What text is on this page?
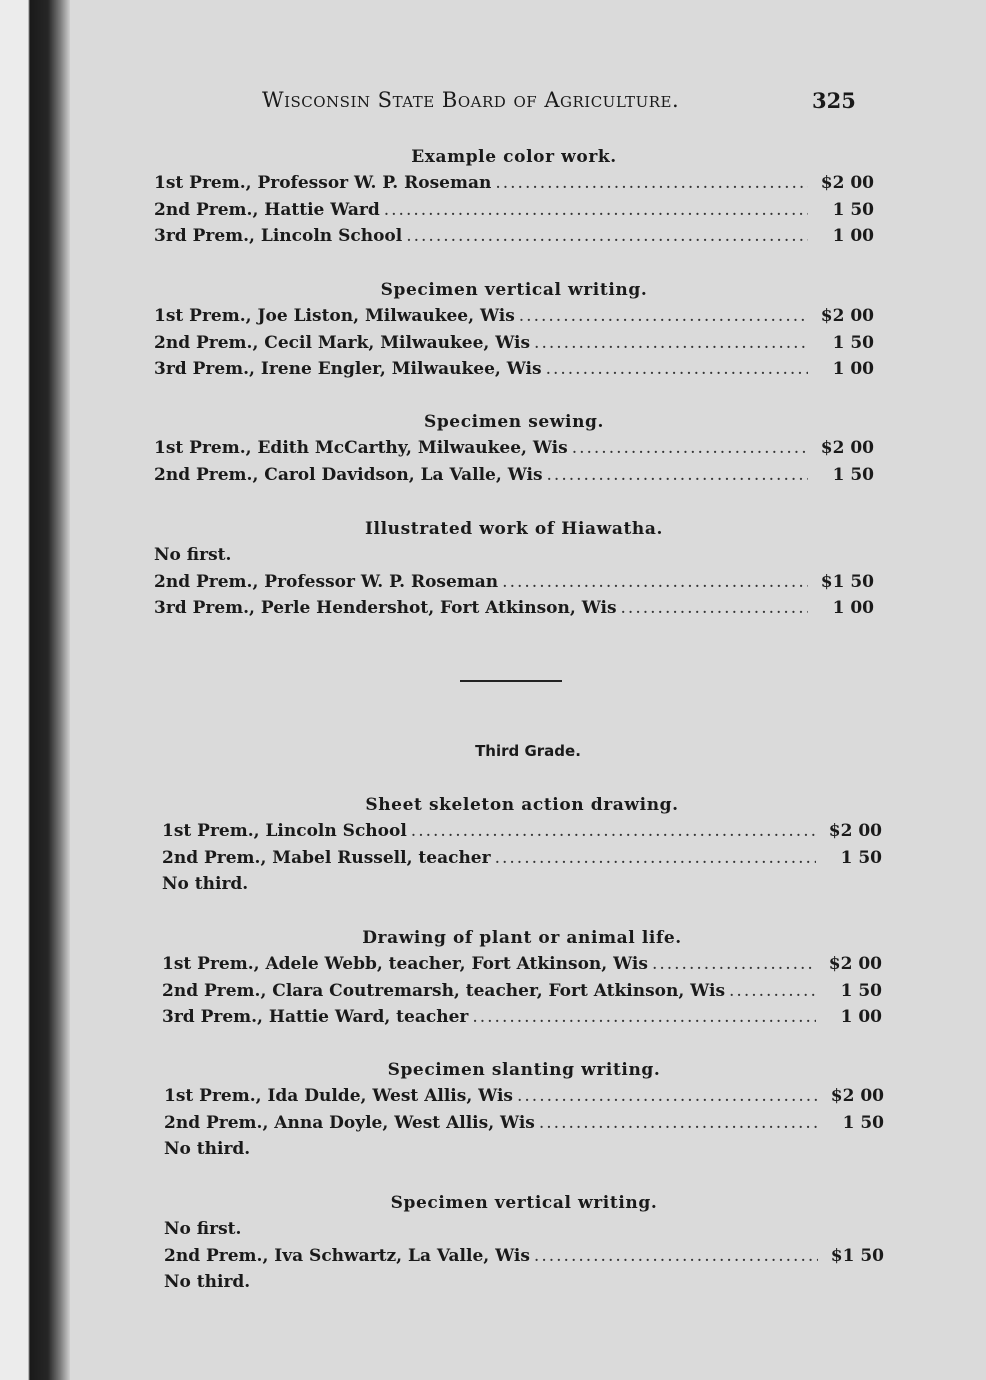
Wisconsin State Board of Agriculture.	325
Example color work.
1st Prem., Professor W. P. Roseman .....	$2 00
2nd Prem., Hattie Ward .....	1 50
3rd Prem., Lincoln School .....	1 00
Specimen vertical writing.
1st Prem., Joe Liston, Milwaukee, Wis .....	$2 00
2nd Prem., Cecil Mark, Milwaukee, Wis .....	1 50
3rd Prem., Irene Engler, Milwaukee, Wis .....	1 00
Specimen sewing.
1st Prem., Edith McCarthy, Milwaukee, Wis .....	$2 00
2nd Prem., Carol Davidson, La Valle, Wis .....	1 50
Illustrated work of Hiawatha.
No first.
2nd Prem., Professor W. P. Roseman .....	$1 50
3rd Prem., Perle Hendershot, Fort Atkinson, Wis .....	1 00
Third Grade.
Sheet skeleton action drawing.
1st Prem., Lincoln School .....	$2 00
2nd Prem., Mabel Russell, teacher .....	1 50
No third.
Drawing of plant or animal life.
1st Prem., Adele Webb, teacher, Fort Atkinson, Wis .....	$2 00
2nd Prem., Clara Coutremarsh, teacher, Fort Atkinson, Wis .....	1 50
3rd Prem., Hattie Ward, teacher .....	1 00
Specimen slanting writing.
1st Prem., Ida Dulde, West Allis, Wis .....	$2 00
2nd Prem., Anna Doyle, West Allis, Wis .....	1 50
No third.
Specimen vertical writing.
No first.
2nd Prem., Iva Schwartz, La Valle, Wis .....	$1 50
No third.
